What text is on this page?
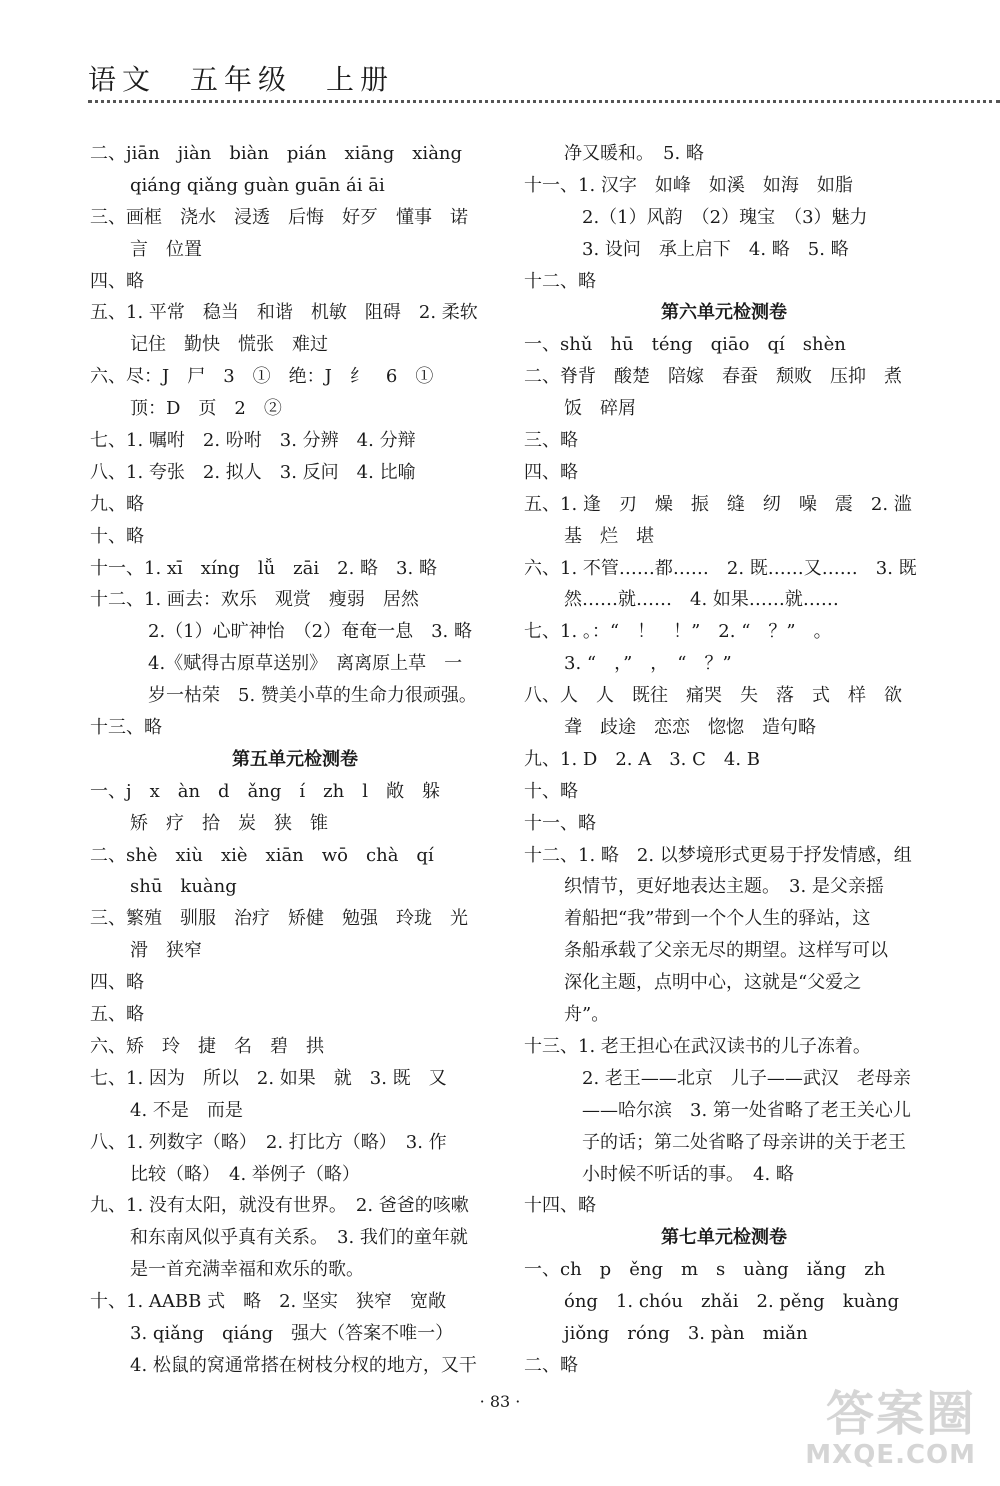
语文 五年级 上册
二、jiān　jiàn　biàn　pián　xiāng　xiàng
qiáng qiǎng guàn guān ái āi
三、画框　浇水　浸透　后悔　好歹　懂事　诺
言　位置
四、略
五、1. 平常　稳当　和谐　机敏　阻碍　2. 柔软
记住　勤快　慌张　难过
六、尽：J　尸　3　①　绝：J　纟　6　①
顶：D　页　2　②
七、1. 嘱咐　2. 吩咐　3. 分辨　4. 分辩
八、1. 夸张　2. 拟人　3. 反问　4. 比喻
九、略
十、略
十一、1. xī　xíng　lǚ　zāi　2. 略　3. 略
十二、1. 画去：欢乐　观赏　瘦弱　居然
2.（1）心旷神怡　（2）奄奄一息　3. 略
4.《赋得古原草送别》　离离原上草　一
岁一枯荣　5. 赞美小草的生命力很顽强。
十三、略
第五单元检测卷
一、j　x　àn　d　ǎng　í　zh　l　敞　躲
矫　疗　拾　炭　狭　锥
二、shè　xiù　xiè　xiān　wō　chà　qí
shū　kuàng
三、繁殖　驯服　治疗　矫健　勉强　玲珑　光
滑　狭窄
四、略
五、略
六、矫　玲　捷　名　碧　拱
七、1. 因为　所以　2. 如果　就　3. 既　又
4. 不是　而是
八、1. 列数字（略）　2. 打比方（略）　3. 作
比较（略）　4. 举例子（略）
九、1. 没有太阳，就没有世界。　2. 爸爸的咳嗽
和东南风似乎真有关系。　3. 我们的童年就
是一首充满幸福和欢乐的歌。
十、1. AABB 式　略　2. 坚实　狭窄　宽敞
3. qiǎng　qiáng　强大（答案不唯一）
4. 松鼠的窝通常搭在树枝分杈的地方，又干
净又暖和。　5. 略
十一、1. 汉字　如峰　如溪　如海　如脂
2.（1）风韵　（2）瑰宝　（3）魅力
3. 设问　承上启下　4. 略　5. 略
十二、略
第六单元检测卷
一、shǔ　hū　téng　qiāo　qí　shèn
二、脊背　酸楚　陪嫁　春蚕　颓败　压抑　煮
饭　碎屑
三、略
四、略
五、1. 逢　刃　燥　振　缝　纫　噪　震　2. 滥
基　烂　堪
六、1. 不管……都……　2. 既……又……　3. 既
然……就……　4. 如果……就……
七、1. 。：“　！　！”　2. “　？”　。
3. “　，”　，　“　？”
八、人　人　既往　痛哭　失　落　式　样　欲
聋　歧途　恋恋　惚惚　造句略
九、1. D　2. A　3. C　4. B
十、略
十一、略
十二、1. 略　2. 以梦境形式更易于抒发情感，组
织情节，更好地表达主题。　3. 是父亲摇
着船把“我”带到一个个人生的驿站，这
条船承载了父亲无尽的期望。这样写可以
深化主题，点明中心，这就是“父爱之
舟”。
十三、1. 老王担心在武汉读书的儿子冻着。
2. 老王——北京　儿子——武汉　老母亲
——哈尔滨　3. 第一处省略了老王关心儿
子的话；第二处省略了母亲讲的关于老王
小时候不听话的事。　4. 略
十四、略
第七单元检测卷
一、ch　p　ěng　m　s　uàng　iǎng　zh
óng　1. chóu　zhǎi　2. pěng　kuàng
jiǒng　róng　3. pàn　miǎn
二、略
· 83 ·	答案圈
MXQE.COM
